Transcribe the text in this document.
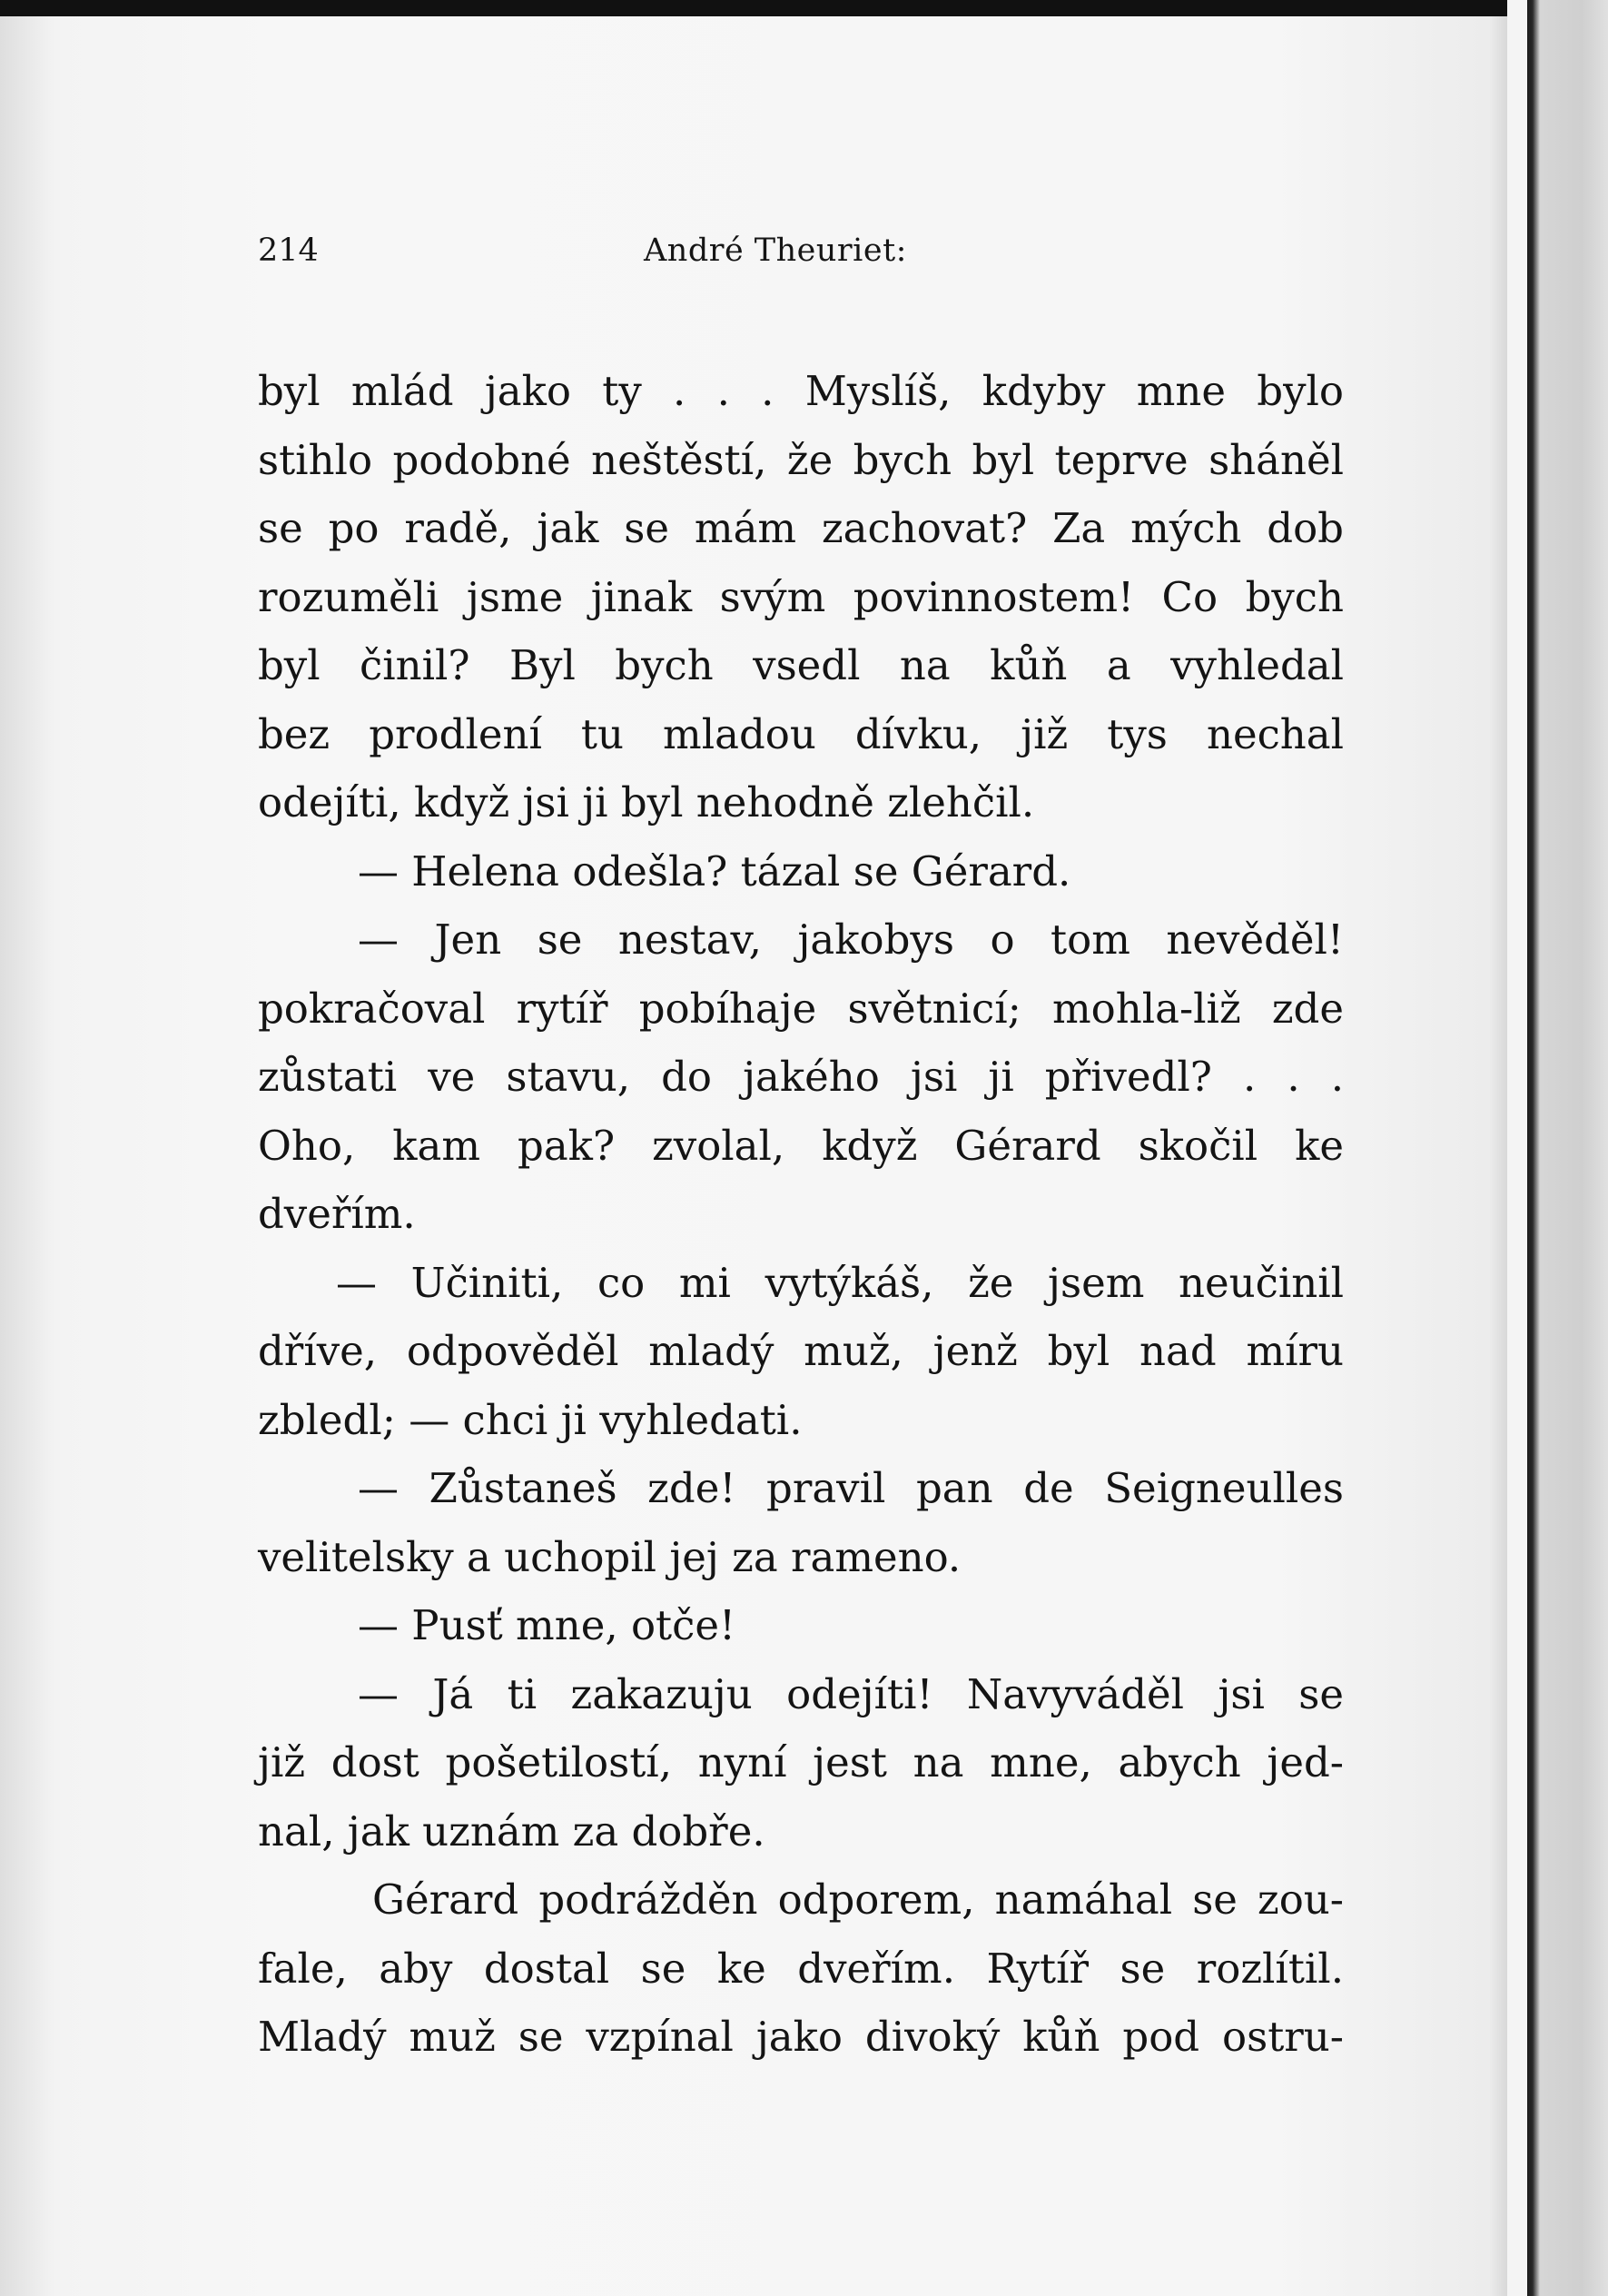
214	André Theuriet:
byl mlád jako ty . . . Myslíš, kdyby mne bylo
stihlo podobné neštěstí, že bych byl teprve sháněl
se po radě, jak se mám zachovat? Za mých dob
rozuměli jsme jinak svým povinnostem! Co bych
byl činil? Byl bych vsedl na kůň a vyhledal
bez prodlení tu mladou dívku, již tys nechal
odejíti, když jsi ji byl nehodně zlehčil.
— Helena odešla? tázal se Gérard.
— Jen se nestav, jakobys o tom nevěděl!
pokračoval rytíř pobíhaje světnicí; mohla-liž zde
zůstati ve stavu, do jakého jsi ji přivedl? . . .
Oho, kam pak? zvolal, když Gérard skočil ke
dveřím.
— Učiniti, co mi vytýkáš, že jsem neučinil
dříve, odpověděl mladý muž, jenž byl nad míru
zbledl; — chci ji vyhledati.
— Zůstaneš zde! pravil pan de Seigneulles
velitelsky a uchopil jej za rameno.
— Pusť mne, otče!
— Já ti zakazuju odejíti! Navyváděl jsi se
již dost pošetilostí, nyní jest na mne, abych jed-
nal, jak uznám za dobře.
Gérard podrážděn odporem, namáhal se zou-
fale, aby dostal se ke dveřím. Rytíř se rozlítil.
Mladý muž se vzpínal jako divoký kůň pod ostru-
